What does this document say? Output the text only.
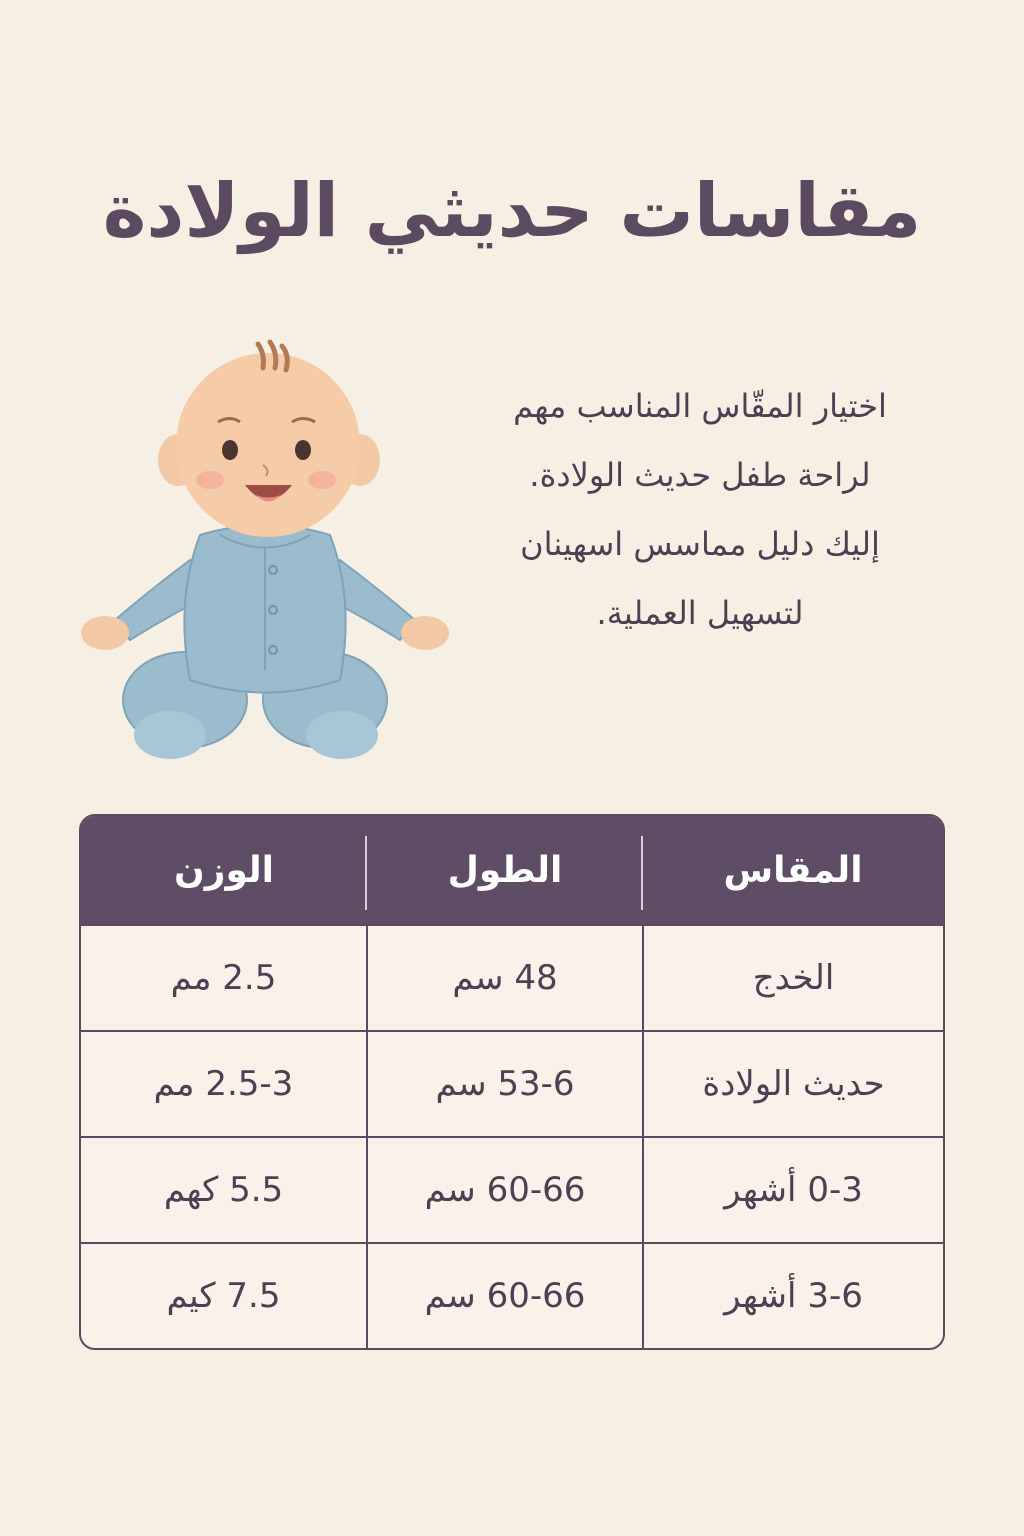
مقاسات حديثي الولادة

اختيار المقّاس المناسب مهم

لراحة طفل حديث الولادة.

إليك دليل مماسس اسهينان

لتسهيل العملية.

المقاس	الطول	الوزن
الخدج	48 سم	2.5 مم
حديث الولادة	53-6 سم	2.5-3 مم
0-3 أشهر	60-66 سم	5.5 كهم
3-6 أشهر	60-66 سم	7.5 كيم
